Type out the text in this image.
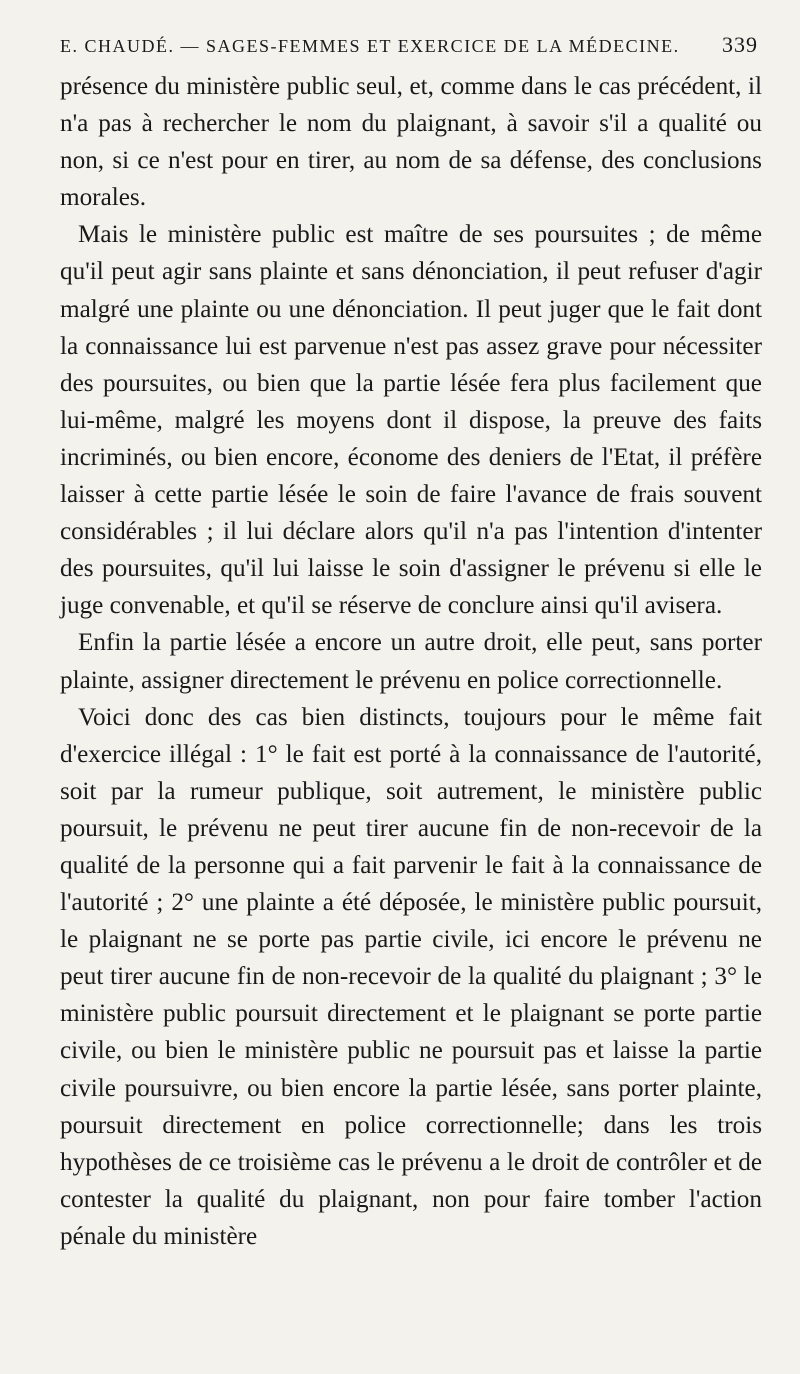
E. CHAUDÉ. — SAGES-FEMMES ET EXERCICE DE LA MÉDECINE. 339

présence du ministère public seul, et, comme dans le cas précédent, il n'a pas à rechercher le nom du plaignant, à savoir s'il a qualité ou non, si ce n'est pour en tirer, au nom de sa défense, des conclusions morales.

Mais le ministère public est maître de ses poursuites ; de même qu'il peut agir sans plainte et sans dénonciation, il peut refuser d'agir malgré une plainte ou une dénonciation. Il peut juger que le fait dont la connaissance lui est parvenue n'est pas assez grave pour nécessiter des poursuites, ou bien que la partie lésée fera plus facilement que lui-même, malgré les moyens dont il dispose, la preuve des faits incriminés, ou bien encore, économe des deniers de l'Etat, il préfère laisser à cette partie lésée le soin de faire l'avance de frais souvent considérables ; il lui déclare alors qu'il n'a pas l'intention d'intenter des poursuites, qu'il lui laisse le soin d'assigner le prévenu si elle le juge convenable, et qu'il se réserve de conclure ainsi qu'il avisera.

Enfin la partie lésée a encore un autre droit, elle peut, sans porter plainte, assigner directement le prévenu en police correctionnelle.

Voici donc des cas bien distincts, toujours pour le même fait d'exercice illégal : 1° le fait est porté à la connaissance de l'autorité, soit par la rumeur publique, soit autrement, le ministère public poursuit, le prévenu ne peut tirer aucune fin de non-recevoir de la qualité de la personne qui a fait parvenir le fait à la connaissance de l'autorité ; 2° une plainte a été déposée, le ministère public poursuit, le plaignant ne se porte pas partie civile, ici encore le prévenu ne peut tirer aucune fin de non-recevoir de la qualité du plaignant ; 3° le ministère public poursuit directement et le plaignant se porte partie civile, ou bien le ministère public ne poursuit pas et laisse la partie civile poursuivre, ou bien encore la partie lésée, sans porter plainte, poursuit directement en police correctionnelle; dans les trois hypothèses de ce troisième cas le prévenu a le droit de contrôler et de contester la qualité du plaignant, non pour faire tomber l'action pénale du ministère
